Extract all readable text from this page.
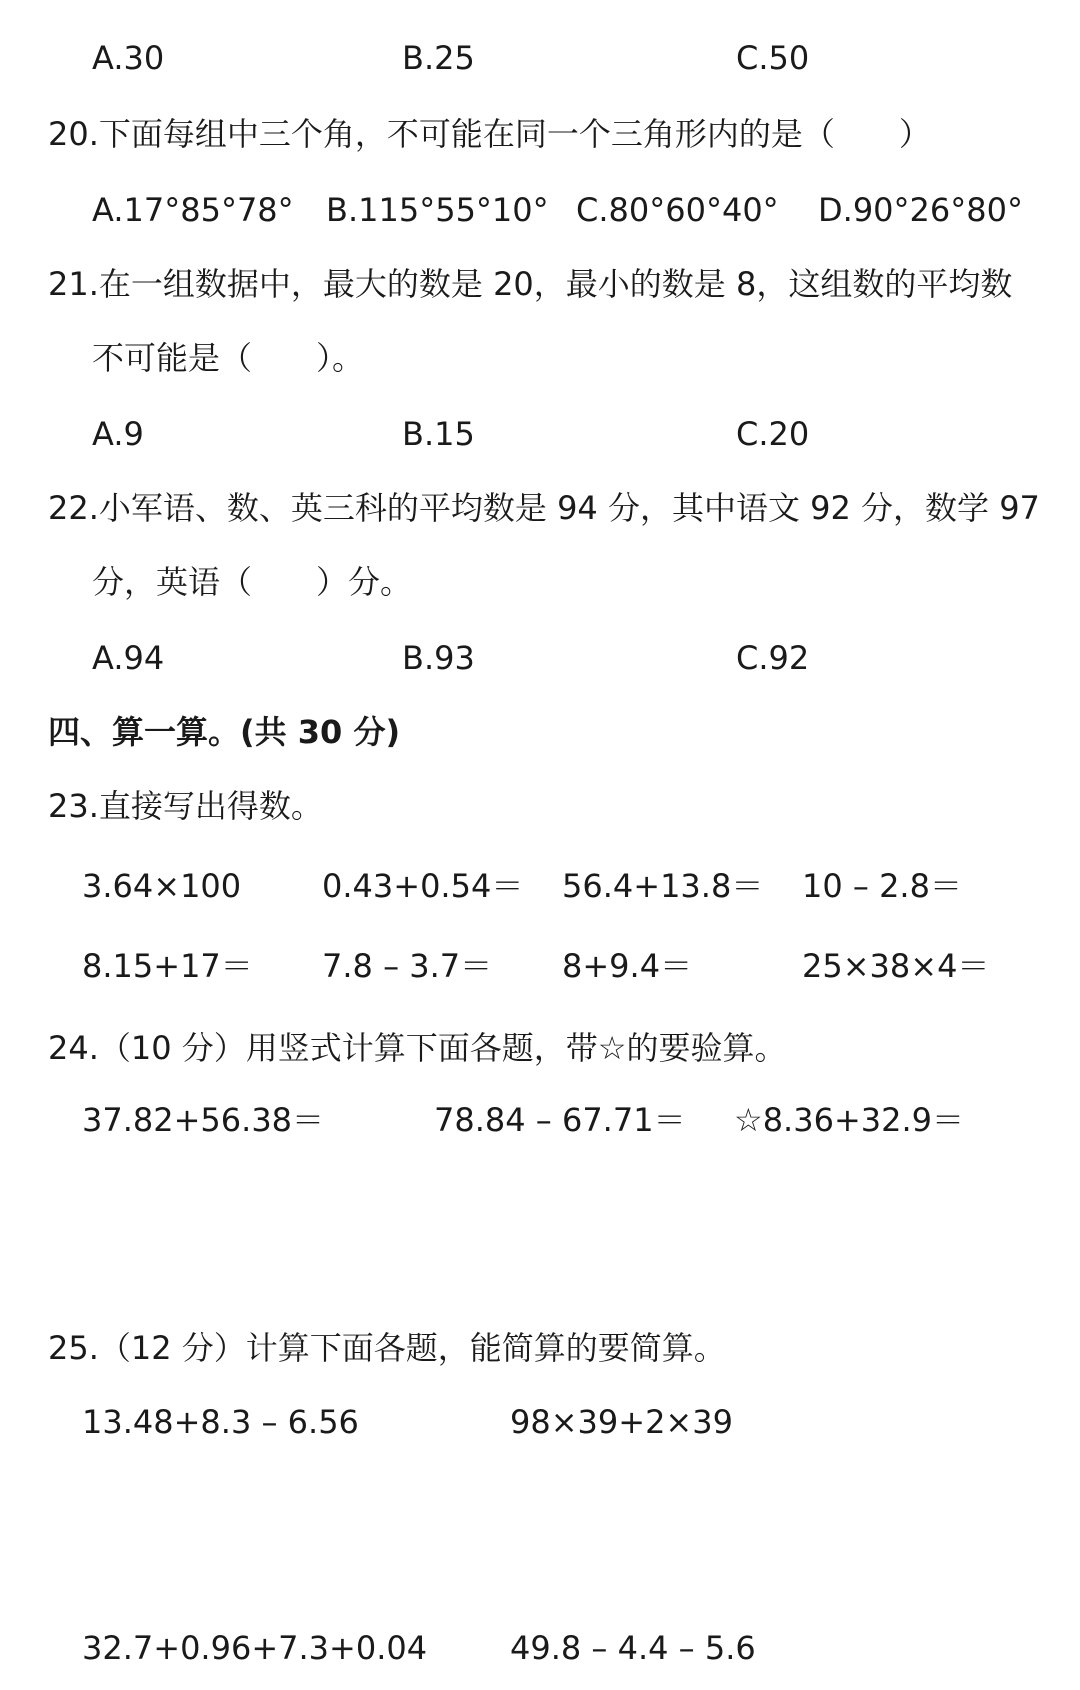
A.30	B.25	C.50
20.下面每组中三个角，不可能在同一个三角形内的是（　　）
A.17°85°78° B.115°55°10° C.80°60°40° D.90°26°80°
21.在一组数据中，最大的数是 20，最小的数是 8，这组数的平均数
不可能是（　　）。
A.9	B.15	C.20
22.小军语、数、英三科的平均数是 94 分，其中语文 92 分，数学 97
分，英语（　　）分。
A.94	B.93	C.92
四、算一算。(共 30 分)
23.直接写出得数。
3.64×100	0.43+0.54＝ 56.4+13.8＝ 10 – 2.8＝
8.15+17＝ 7.8 – 3.7＝ 8+9.4＝	25×38×4＝
24.（10 分）用竖式计算下面各题，带☆的要验算。
37.82+56.38＝	78.84 – 67.71＝ ☆8.36+32.9＝
25.（12 分）计算下面各题，能简算的要简算。
13.48+8.3 – 6.56	98×39+2×39
32.7+0.96+7.3+0.04	49.8 – 4.4 – 5.6
